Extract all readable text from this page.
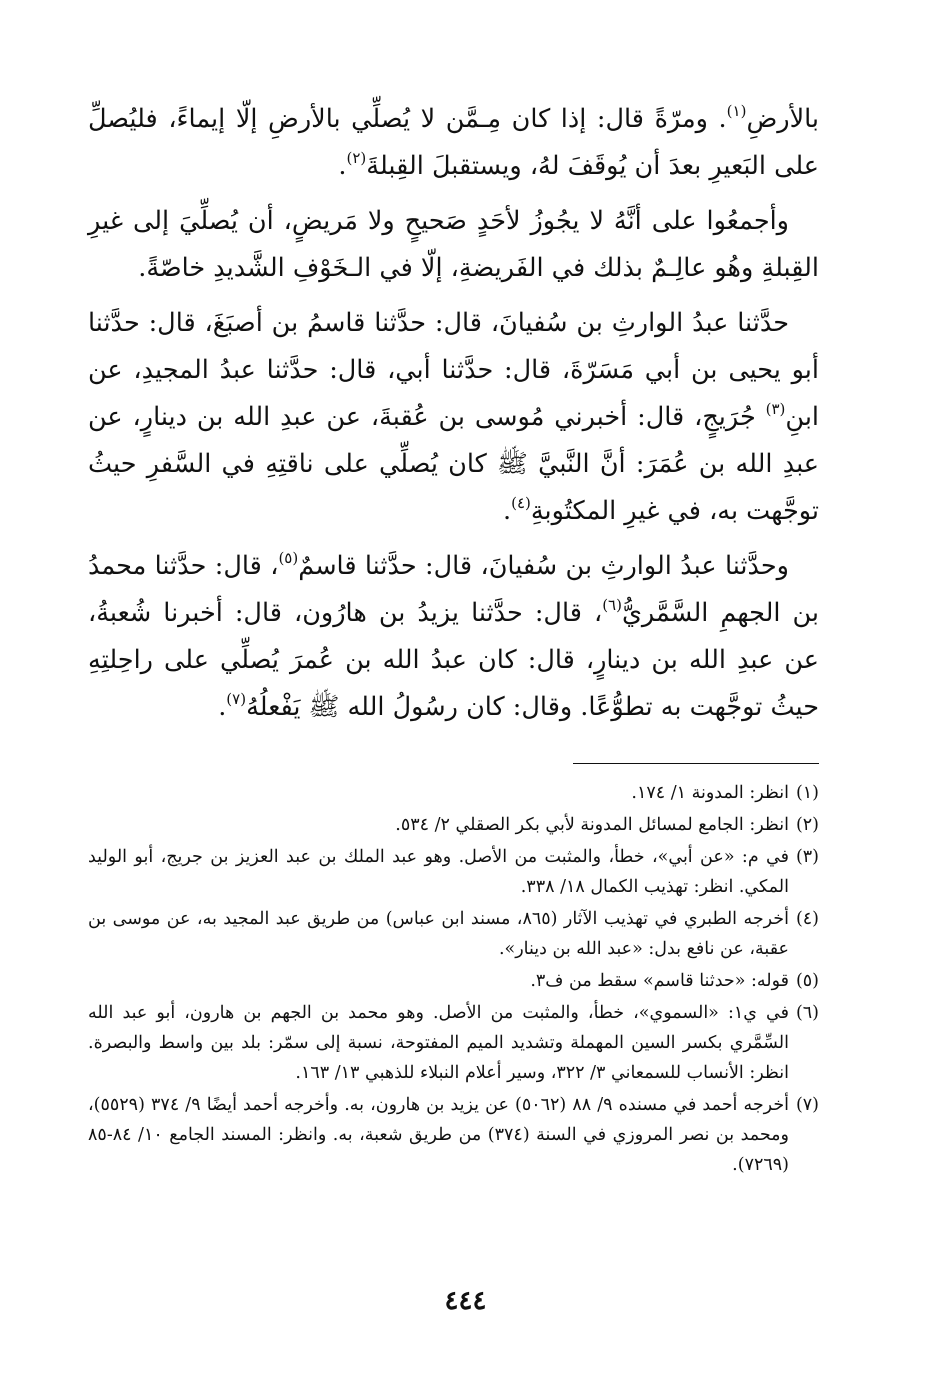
بالأرضِ$^{(١)}$. ومرّةً قال: إذا كان مِـمَّن لا يُصلِّي بالأرضِ إلّا إيماءً، فليُصلِّ على البَعيرِ بعدَ أن يُوقَفَ لهُ، ويستقبلَ القِبلةَ$^{(٢)}$.

وأجمعُوا على أنَّهُ لا يجُوزُ لأحَدٍ صَحيحٍ ولا مَريضٍ، أن يُصلِّيَ إلى غيرِ القِبلةِ وهُو عالِـمٌ بذلك في الفَريضةِ، إلّا في الـخَوْفِ الشَّديدِ خاصّةً.

حدَّثنا عبدُ الوارثِ بن سُفيانَ، قال: حدَّثنا قاسمُ بن أصبَغَ، قال: حدَّثنا أبو يحيى بن أبي مَسَرّةَ، قال: حدَّثنا أبي، قال: حدَّثنا عبدُ المجيدِ، عن ابنِ$^{(٣)}$ جُرَيجٍ، قال: أخبرني مُوسى بن عُقبةَ، عن عبدِ الله بن دينارٍ، عن عبدِ الله بن عُمَرَ: أنَّ النَّبيَّ ﷺ كان يُصلِّي على ناقتِهِ في السَّفرِ حيثُ توجَّهت به، في غيرِ المكتُوبةِ$^{(٤)}$.

وحدَّثنا عبدُ الوارثِ بن سُفيانَ، قال: حدَّثنا قاسمٌ$^{(٥)}$، قال: حدَّثنا محمدُ بن الجهمِ السَّمَّريُّ$^{(٦)}$، قال: حدَّثنا يزيدُ بن هارُون، قال: أخبرنا شُعبةُ، عن عبدِ الله بن دينارٍ، قال: كان عبدُ الله بن عُمرَ يُصلِّي على راحِلتِهِ حيثُ توجَّهت به تطوُّعًا. وقال: كان رسُولُ الله ﷺ يَفْعلُهُ$^{(٧)}$.

(١)
انظر: المدونة ١/ ١٧٤.

(٢)
انظر: الجامع لمسائل المدونة لأبي بكر الصقلي ٢/ ٥٣٤.

(٣)
في م: «عن أبي»، خطأ، والمثبت من الأصل. وهو عبد الملك بن عبد العزيز بن جريج، أبو الوليد المكي. انظر: تهذيب الكمال ١٨/ ٣٣٨.

(٤)
أخرجه الطبري في تهذيب الآثار (٨٦٥، مسند ابن عباس) من طريق عبد المجيد به، عن موسى بن عقبة، عن نافع بدل: «عبد الله بن دينار».

(٥)
قوله: «حدثنا قاسم» سقط من ف٣.

(٦)
في ي١: «السموي»، خطأ، والمثبت من الأصل. وهو محمد بن الجهم بن هارون، أبو عبد الله السِّمَّري بكسر السين المهملة وتشديد الميم المفتوحة، نسبة إلى سمّر: بلد بين واسط والبصرة. انظر: الأنساب للسمعاني ٣/ ٣٢٢، وسير أعلام النبلاء للذهبي ١٣/ ١٦٣.

(٧)
أخرجه أحمد في مسنده ٩/ ٨٨ (٥٠٦٢) عن يزيد بن هارون، به. وأخرجه أحمد أيضًا ٩/ ٣٧٤ (٥٥٢٩)، ومحمد بن نصر المروزي في السنة (٣٧٤) من طريق شعبة، به. وانظر: المسند الجامع ١٠/ ٨٤-٨٥ (٧٢٦٩).

٤٤٤
